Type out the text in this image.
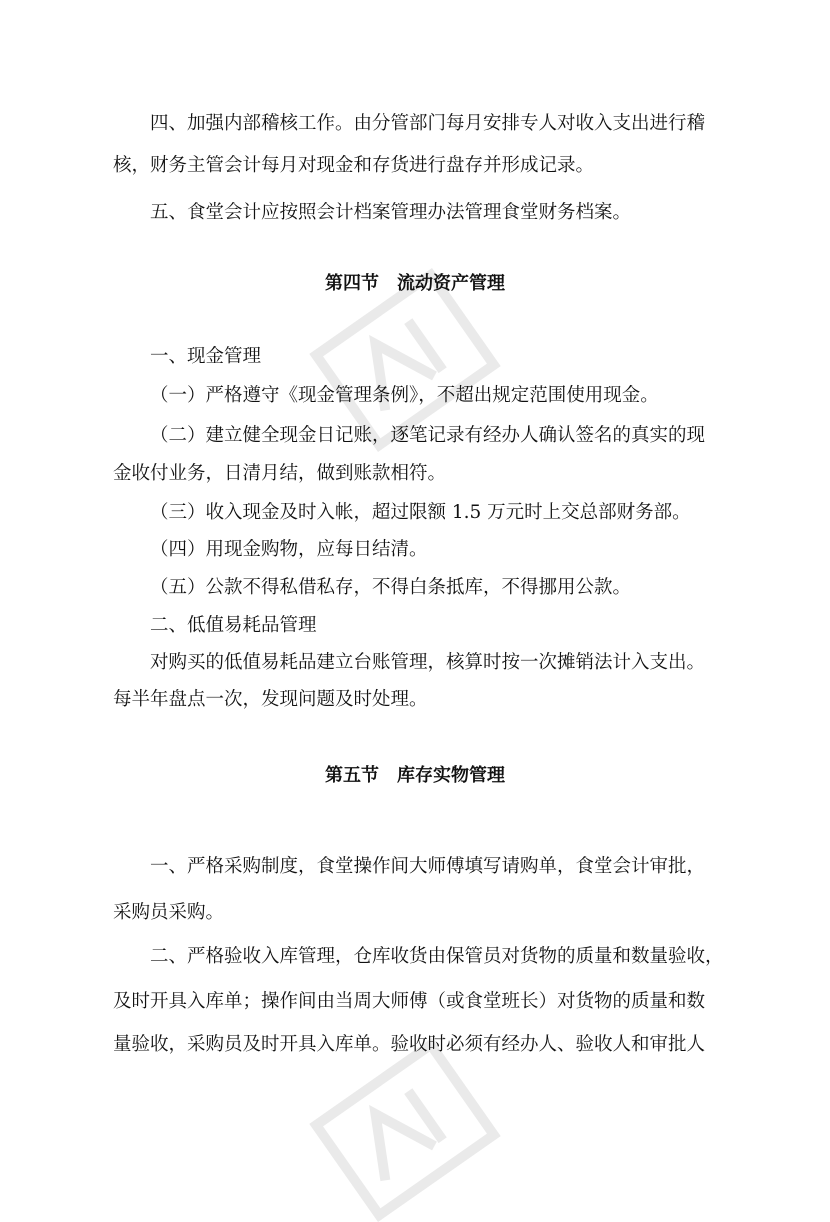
四、加强内部稽核工作。由分管部门每月安排专人对收入支出进行稽

核，财务主管会计每月对现金和存货进行盘存并形成记录。

五、食堂会计应按照会计档案管理办法管理食堂财务档案。

第四节　流动资产管理

一、现金管理

（一）严格遵守《现金管理条例》，不超出规定范围使用现金。

（二）建立健全现金日记账，逐笔记录有经办人确认签名的真实的现

金收付业务，日清月结，做到账款相符。

（三）收入现金及时入帐，超过限额 1.5 万元时上交总部财务部。

（四）用现金购物，应每日结清。

（五）公款不得私借私存，不得白条抵库，不得挪用公款。

二、低值易耗品管理

对购买的低值易耗品建立台账管理，核算时按一次摊销法计入支出。

每半年盘点一次，发现问题及时处理。

第五节　库存实物管理

一、严格采购制度，食堂操作间大师傅填写请购单，食堂会计审批，

采购员采购。

二、严格验收入库管理，仓库收货由保管员对货物的质量和数量验收，

及时开具入库单；操作间由当周大师傅（或食堂班长）对货物的质量和数

量验收，采购员及时开具入库单。验收时必须有经办人、验收人和审批人
